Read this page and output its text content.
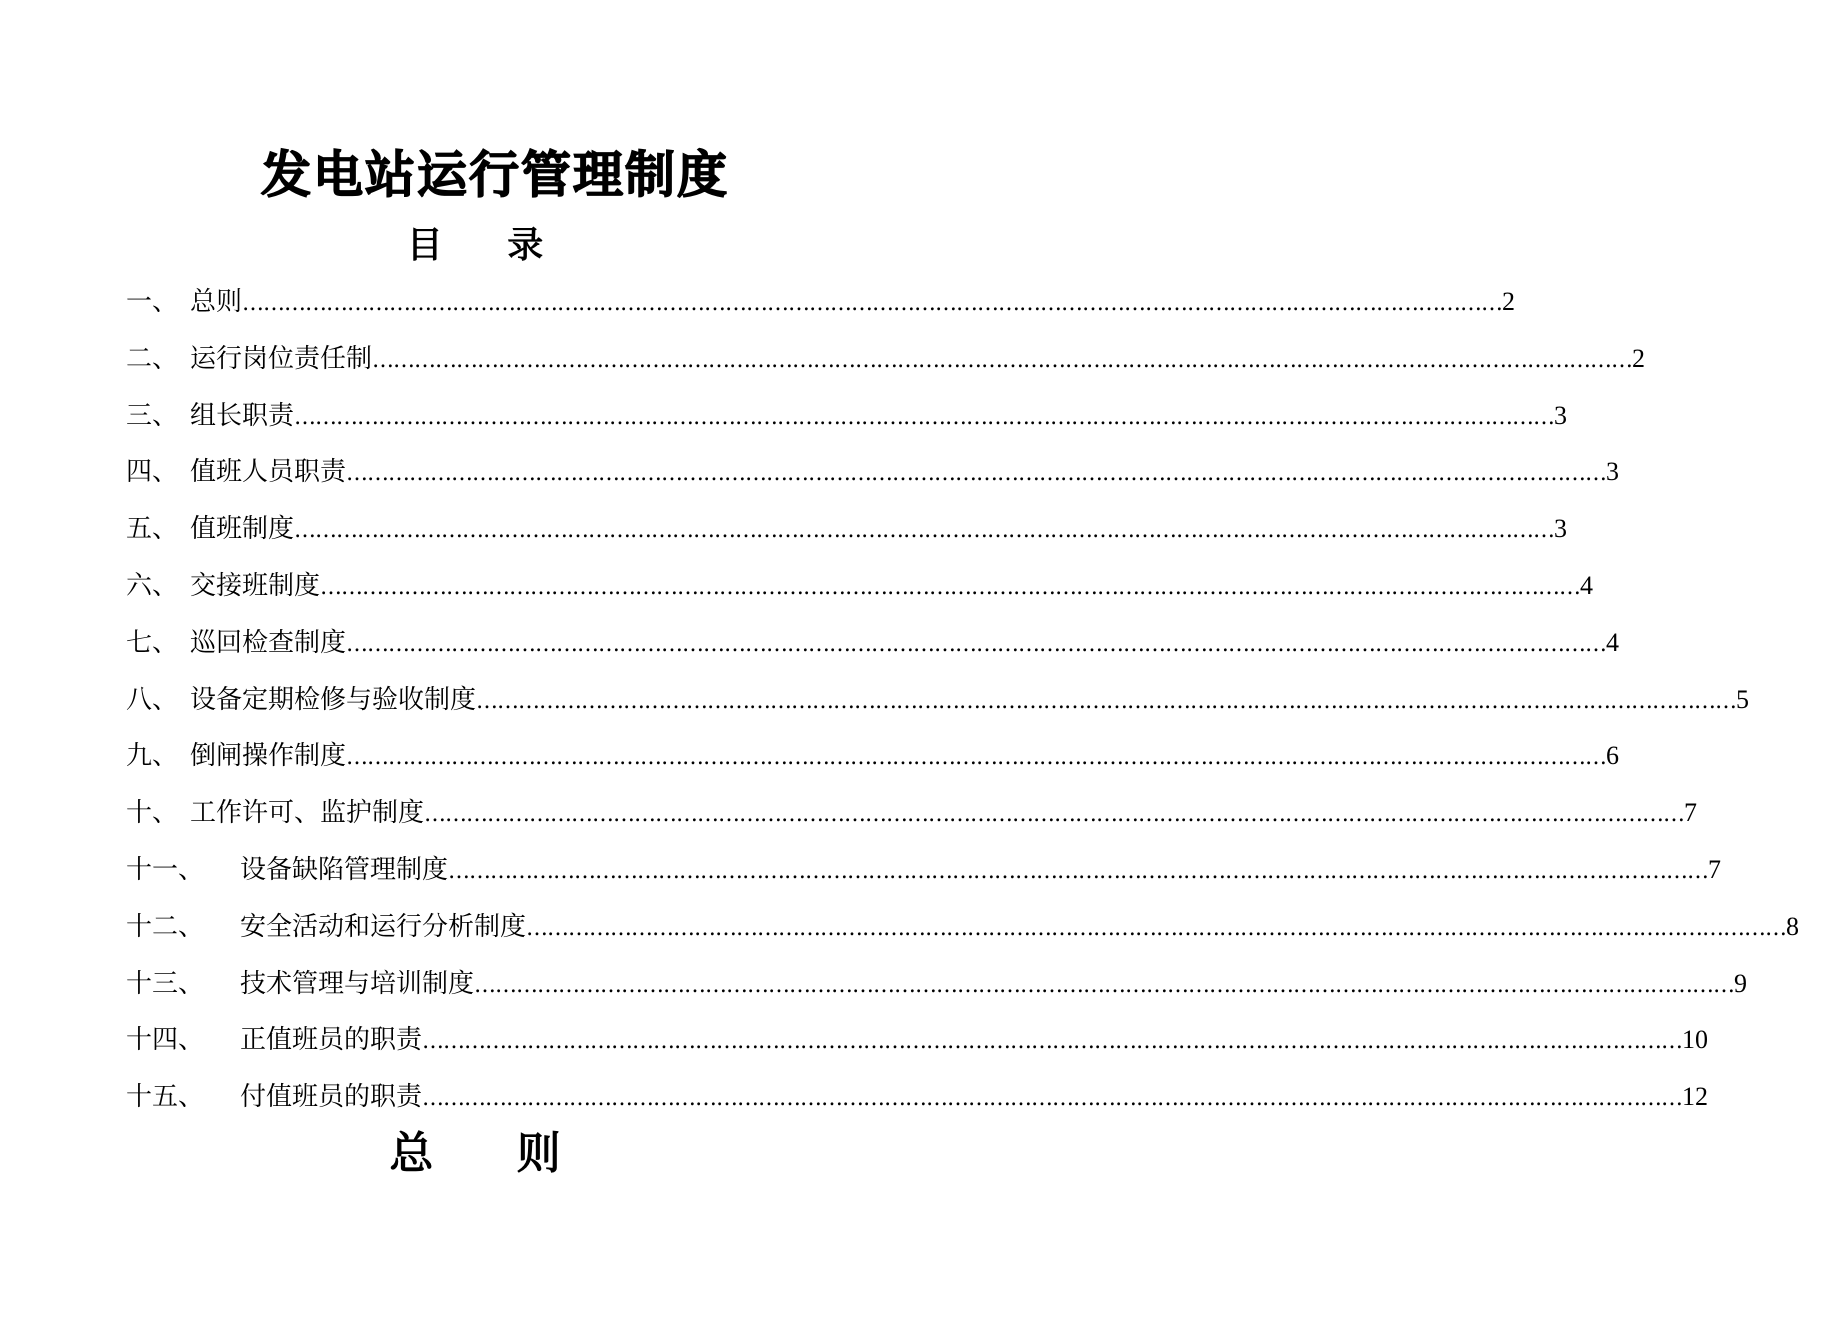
发电站运行管理制度
目 录
一、 总则 ……………………………………………………………………………………………………………………………………………………………… 2
二、 运行岗位责任制 ……………………………………………………………………………………………………………………………………………………………… 2
三、 组长职责 ……………………………………………………………………………………………………………………………………………………………… 3
四、 值班人员职责 ……………………………………………………………………………………………………………………………………………………………… 3
五、 值班制度 ……………………………………………………………………………………………………………………………………………………………… 3
六、 交接班制度 ……………………………………………………………………………………………………………………………………………………………… 4
七、 巡回检查制度 ……………………………………………………………………………………………………………………………………………………………… 4
八、 设备定期检修与验收制度 ……………………………………………………………………………………………………………………………………………………………… 5
九、 倒闸操作制度 ……………………………………………………………………………………………………………………………………………………………… 6
十、 工作许可、监护制度 ……………………………………………………………………………………………………………………………………………………………… 7
十一、	设备缺陷管理制度 ……………………………………………………………………………………………………………………………………………………………… 7
十二、	安全活动和运行分析制度 ……………………………………………………………………………………………………………………………………………………………… 8
十三、	技术管理与培训制度 ……………………………………………………………………………………………………………………………………………………………… 9
十四、	正值班员的职责 ……………………………………………………………………………………………………………………………………………………………… 10
十五、	付值班员的职责 ……………………………………………………………………………………………………………………………………………………………… 12
总 则
